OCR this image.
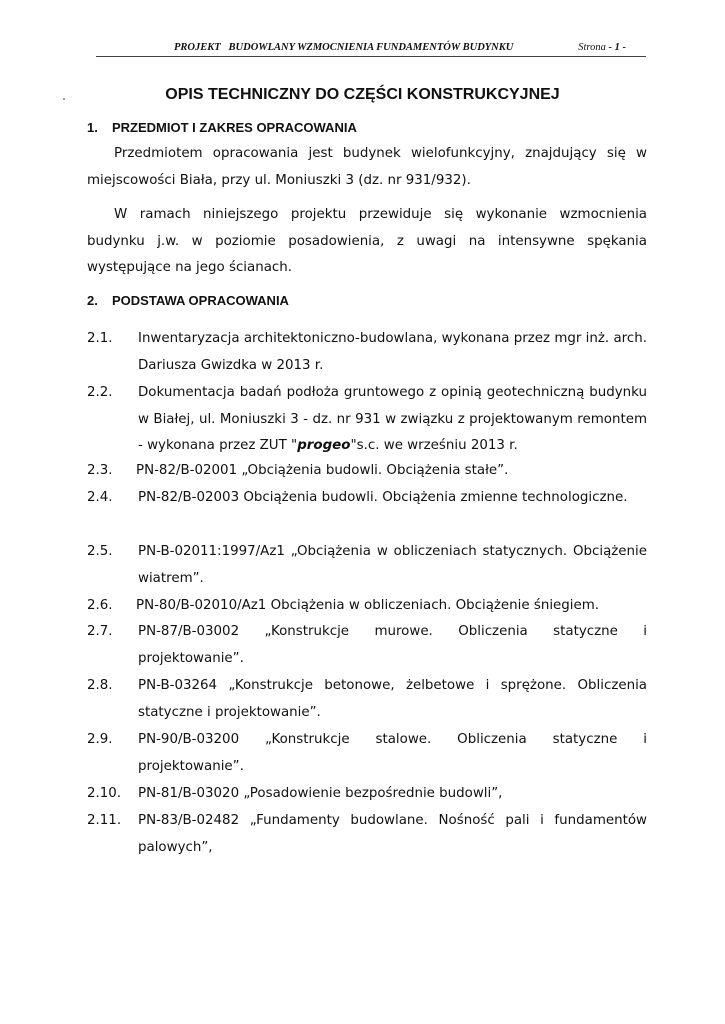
PROJEKT   BUDOWLANY WZMOCNIENIA FUNDAMENTÓW BUDYNKU	Strona - 1 -
OPIS TECHNICZNY DO CZĘŚCI KONSTRUKCYJNEJ
1. PRZEDMIOT I ZAKRES OPRACOWANIA

Przedmiotem opracowania jest budynek wielofunkcyjny, znajdujący się w miejscowości Biała, przy ul. Moniuszki 3 (dz. nr 931/932).

W ramach niniejszego projektu przewiduje się wykonanie wzmocnienia budynku j.w. w poziomie posadowienia, z uwagi na intensywne spękania występujące na jego ścianach.

2. PODSTAWA OPRACOWANIA
2.1. Inwentaryzacja architektoniczno-budowlana, wykonana przez mgr inż. arch. Dariusza Gwizdka w 2013 r.
2.2. Dokumentacja badań podłoża gruntowego z opinią geotechniczną budynku w Białej, ul. Moniuszki 3 - dz. nr 931 w związku z projektowanym remontem - wykonana przez ZUT "progeo"s.c. we wrześniu 2013 r.
2.3. PN-82/B-02001 „Obciążenia budowli. Obciążenia stałe”.
2.4. PN-82/B-02003 Obciążenia budowli. Obciążenia zmienne technologiczne.
2.5. PN-B-02011:1997/Az1 „Obciążenia w obliczeniach statycznych. Obciążenie wiatrem”.
2.6. PN-80/B-02010/Az1 Obciążenia w obliczeniach. Obciążenie śniegiem.
2.7. PN-87/B-03002 „Konstrukcje murowe. Obliczenia statyczne i projektowanie”.
2.8. PN-B-03264 „Konstrukcje betonowe, żelbetowe i sprężone. Obliczenia statyczne i projektowanie”.
2.9. PN-90/B-03200 „Konstrukcje stalowe. Obliczenia statyczne i projektowanie”.
2.10. PN-81/B-03020 „Posadowienie bezpośrednie budowli”,
2.11. PN-83/B-02482 „Fundamenty budowlane. Nośność pali i fundamentów palowych”,
